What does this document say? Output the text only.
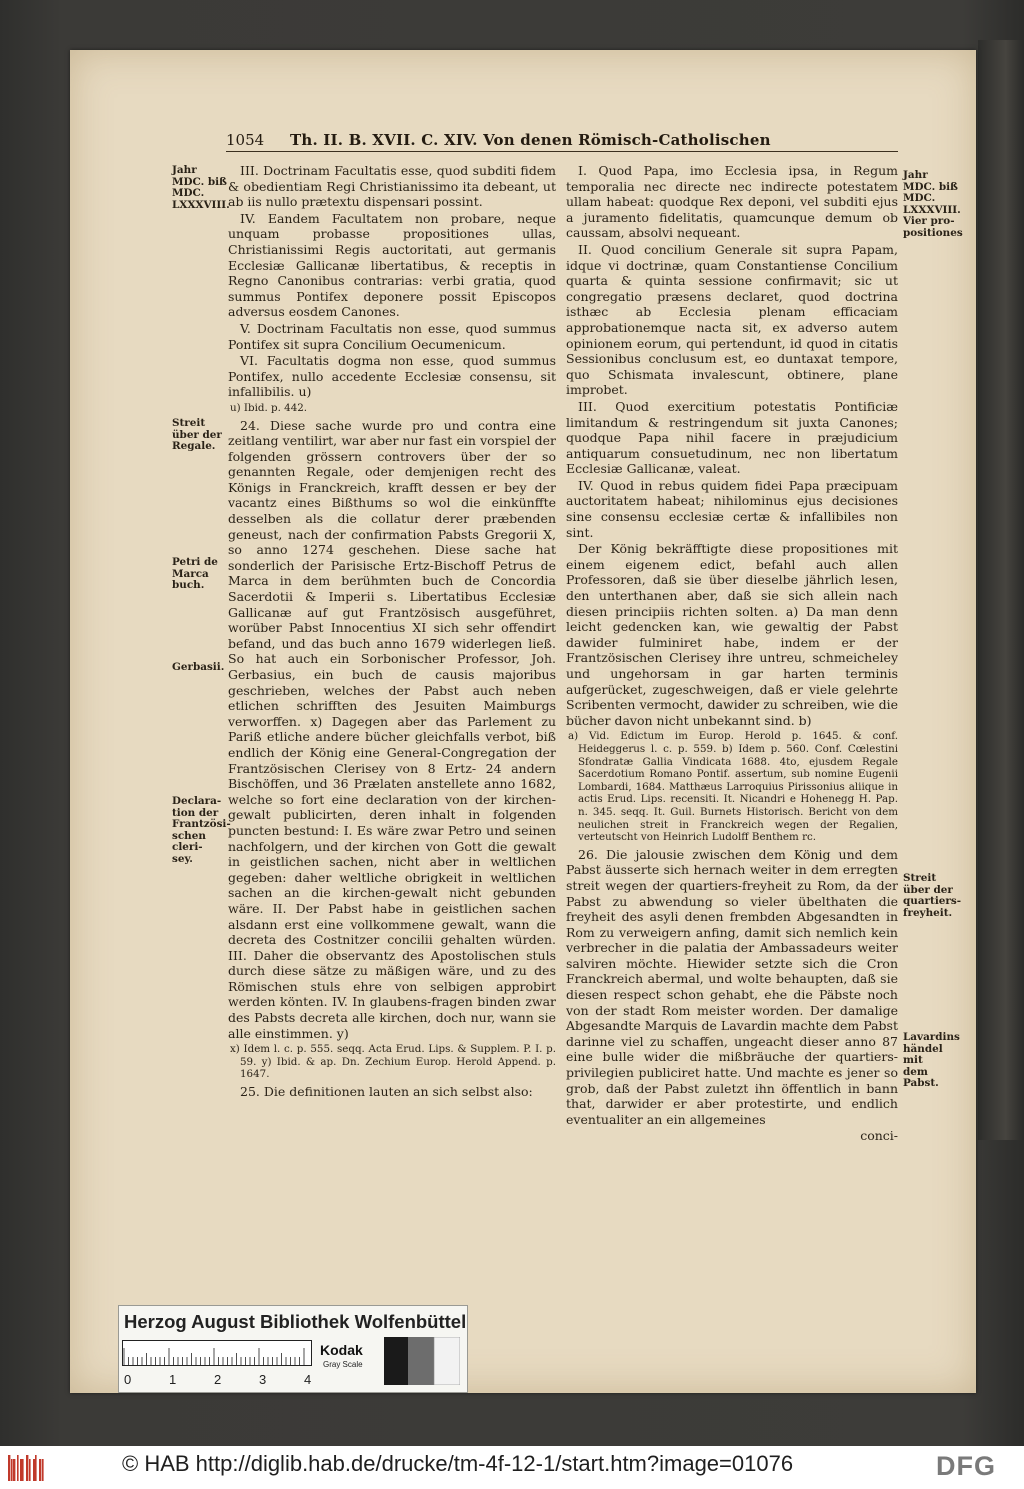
1054 Th. II. B. XVII. C. XIV. Von denen Römisch-Catholischen
Jahr
MDC. biß
MDC.
LXXXVIII.
Streit
über der
Regale.
Petri de
Marca
buch.
Gerbasii.
Declara-
tion der
Frantzösi-
schen cleri-
sey.
Jahr
MDC. biß
MDC.
LXXXVIII.
Vier pro-
positiones
Streit
über der
quartiers-
freyheit.
Lavardins
händel mit
dem Pabst.

III. Doctrinam Facultatis esse, quod subditi fidem & obedientiam Regi Christianissimo ita debeant, ut ab iis nullo prætextu dispensari possint.

IV. Eandem Facultatem non probare, neque unquam probasse propositiones ullas, Christianissimi Regis auctoritati, aut germanis Ecclesiæ Gallicanæ libertatibus, & receptis in Regno Canonibus contrarias: verbi gratia, quod summus Pontifex deponere possit Episcopos adversus eosdem Canones.

V. Doctrinam Facultatis non esse, quod summus Pontifex sit supra Concilium Oecumenicum.

VI. Facultatis dogma non esse, quod summus Pontifex, nullo accedente Ecclesiæ consensu, sit infallibilis. u)

u) Ibid. p. 442.

24. Diese sache wurde pro und contra eine zeitlang ventilirt, war aber nur fast ein vorspiel der folgenden grössern controvers über der so genannten Regale, oder demjenigen recht des Königs in Franckreich, krafft dessen er bey der vacantz eines Bißthums so wol die einkünffte desselben als die collatur derer præbenden geneust, nach der confirmation Pabsts Gregorii X, so anno 1274 geschehen. Diese sache hat sonderlich der Parisische Ertz-Bischoff Petrus de Marca in dem berühmten buch de Concordia Sacerdotii & Imperii s. Libertatibus Ecclesiæ Gallicanæ auf gut Frantzösisch ausgeführet, worüber Pabst Innocentius XI sich sehr offendirt befand, und das buch anno 1679 widerlegen ließ. So hat auch ein Sorbonischer Professor, Joh. Gerbasius, ein buch de causis majoribus geschrieben, welches der Pabst auch neben etlichen schrifften des Jesuiten Maimburgs verworffen. x) Dagegen aber das Parlement zu Pariß etliche andere bücher gleichfalls verbot, biß endlich der König eine General-Congregation der Frantzösischen Clerisey von 8 Ertz- 24 andern Bischöffen, und 36 Prælaten anstellete anno 1682, welche so fort eine declaration von der kirchen-gewalt publicirten, deren inhalt in folgenden puncten bestund: I. Es wäre zwar Petro und seinen nachfolgern, und der kirchen von Gott die gewalt in geistlichen sachen, nicht aber in weltlichen gegeben: daher weltliche obrigkeit in weltlichen sachen an die kirchen-gewalt nicht gebunden wäre. II. Der Pabst habe in geistlichen sachen alsdann erst eine vollkommene gewalt, wann die decreta des Costnitzer concilii gehalten würden. III. Daher die observantz des Apostolischen stuls durch diese sätze zu mäßigen wäre, und zu des Römischen stuls ehre von selbigen approbirt werden könten. IV. In glaubens-fragen binden zwar des Pabsts decreta alle kirchen, doch nur, wann sie alle einstimmen. y)

x) Idem l. c. p. 555. seqq. Acta Erud. Lips. & Supplem. P. I. p. 59. y) Ibid. & ap. Dn. Zechium Europ. Herold Append. p. 1647.

25. Die definitionen lauten an sich selbst also:

I. Quod Papa, imo Ecclesia ipsa, in Regum temporalia nec directe nec indirecte potestatem ullam habeat: quodque Rex deponi, vel subditi ejus a juramento fidelitatis, quamcunque demum ob caussam, absolvi nequeant.

II. Quod concilium Generale sit supra Papam, idque vi doctrinæ, quam Constantiense Concilium quarta & quinta sessione confirmavit; sic ut congregatio præsens declaret, quod doctrina isthæc ab Ecclesia plenam efficaciam approbationemque nacta sit, ex adverso autem opinionem eorum, qui pertendunt, id quod in citatis Sessionibus conclusum est, eo duntaxat tempore, quo Schismata invalescunt, obtinere, plane improbet.

III. Quod exercitium potestatis Pontificiæ limitandum & restringendum sit juxta Canones; quodque Papa nihil facere in præjudicium antiquarum consuetudinum, nec non libertatum Ecclesiæ Gallicanæ, valeat.

IV. Quod in rebus quidem fidei Papa præcipuam auctoritatem habeat; nihilominus ejus decisiones sine consensu ecclesiæ certæ & infallibiles non sint.

Der König bekräfftigte diese propositiones mit einem eigenem edict, befahl auch allen Professoren, daß sie über dieselbe jährlich lesen, den unterthanen aber, daß sie sich allein nach diesen principiis richten solten. a) Da man denn leicht gedencken kan, wie gewaltig der Pabst dawider fulminiret habe, indem er der Frantzösischen Clerisey ihre untreu, schmeicheley und ungehorsam in gar harten terminis aufgerücket, zugeschweigen, daß er viele gelehrte Scribenten vermocht, dawider zu schreiben, wie die bücher davon nicht unbekannt sind. b)

a) Vid. Edictum im Europ. Herold p. 1645. & conf. Heideggerus l. c. p. 559. b) Idem p. 560. Conf. Cœlestini Sfondratæ Gallia Vindicata 1688. 4to, ejusdem Regale Sacerdotium Romano Pontif. assertum, sub nomine Eugenii Lombardi, 1684. Matthæus Larroquius Pirissonius aliique in actis Erud. Lips. recensiti. It. Nicandri e Hohenegg H. Pap. n. 345. seqq. It. Guil. Burnets Historisch. Bericht von dem neulichen streit in Franckreich wegen der Regalien, verteutscht von Heinrich Ludolff Benthem rc.

26. Die jalousie zwischen dem König und dem Pabst äusserte sich hernach weiter in dem erregten streit wegen der quartiers-freyheit zu Rom, da der Pabst zu abwendung so vieler übelthaten die freyheit des asyli denen frembden Abgesandten in Rom zu verweigern anfing, damit sich nemlich kein verbrecher in die palatia der Ambassadeurs weiter salviren möchte. Hiewider setzte sich die Cron Franckreich abermal, und wolte behaupten, daß sie diesen respect schon gehabt, ehe die Päbste noch von der stadt Rom meister worden. Der damalige Abgesandte Marquis de Lavardin machte dem Pabst darinne viel zu schaffen, ungeacht dieser anno 87 eine bulle wider die mißbräuche der quartiers-privilegien publiciret hatte. Und machte es jener so grob, daß der Pabst zuletzt ihn öffentlich in bann that, darwider er aber protestirte, und endlich eventualiter an ein allgemeines

conci-

Herzog August Bibliothek Wolfenbüttel
0	1	2	3	4
Kodak
Gray Scale
© HAB http://diglib.hab.de/drucke/tm-4f-12-1/start.htm?image=01076	DFG
